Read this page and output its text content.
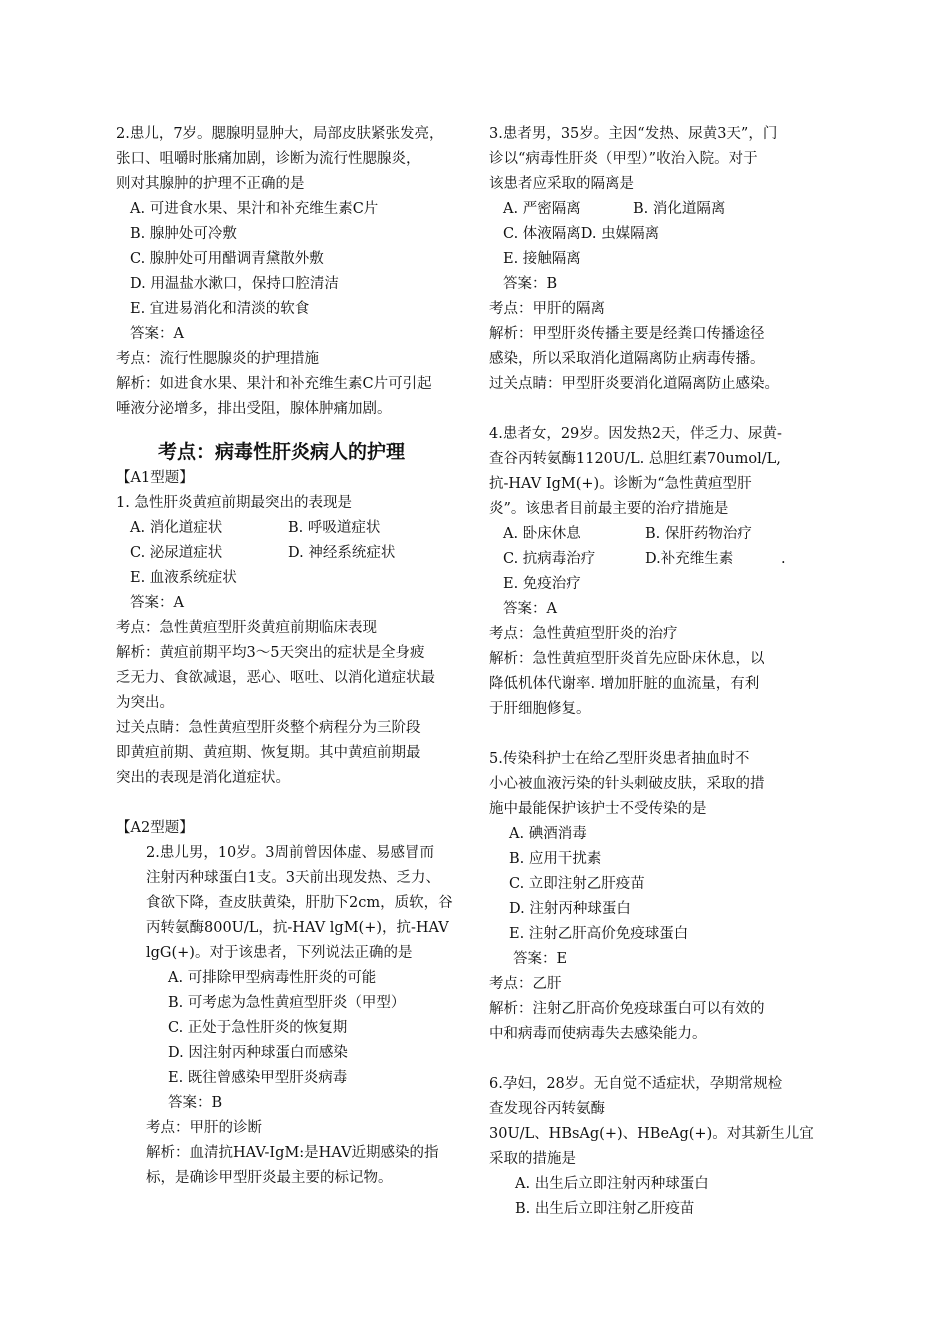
2.患儿，7岁。腮腺明显肿大，局部皮肤紧张发亮，
张口、咀嚼时胀痛加剧，诊断为流行性腮腺炎，
则对其腺肿的护理不正确的是
A. 可进食水果、果汁和补充维生素C片
B. 腺肿处可冷敷
C. 腺肿处可用醋调青黛散外敷
D. 用温盐水漱口，保持口腔清洁
E. 宜进易消化和清淡的软食
答案：A
考点：流行性腮腺炎的护理措施
解析：如进食水果、果汁和补充维生素C片可引起
唾液分泌增多，排出受阻，腺体肿痛加剧。
考点：病毒性肝炎病人的护理
【A1型题】
1. 急性肝炎黄疸前期最突出的表现是
A. 消化道症状	B. 呼吸道症状
C. 泌尿道症状	D. 神经系统症状
E. 血液系统症状
答案：A
考点：急性黄疸型肝炎黄疸前期临床表现
解析：黄疸前期平均3～5天突出的症状是全身疲
乏无力、食欲减退，恶心、呕吐、以消化道症状最
为突出。
过关点睛：急性黄疸型肝炎整个病程分为三阶段
即黄疸前期、黄疸期、恢复期。其中黄疸前期最
突出的表现是消化道症状。
【A2型题】
2.患儿男，10岁。3周前曾因体虚、易感冒而
注射丙种球蛋白1支。3天前出现发热、乏力、
食欲下降，查皮肤黄染，肝肋下2cm，质软，谷
丙转氨酶800U/L，抗-HAV lgM(+)，抗-HAV
lgG(+)。对于该患者，下列说法正确的是
A. 可排除甲型病毒性肝炎的可能
B. 可考虑为急性黄疸型肝炎（甲型）
C. 正处于急性肝炎的恢复期
D. 因注射丙种球蛋白而感染
E. 既往曾感染甲型肝炎病毒
答案：B
考点：甲肝的诊断
解析：血清抗HAV-IgM:是HAV近期感染的指
标，是确诊甲型肝炎最主要的标记物。
3.患者男，35岁。主因“发热、尿黄3天”，门
诊以“病毒性肝炎（甲型）”收治入院。对于
该患者应采取的隔离是
A. 严密隔离	B. 消化道隔离
C. 体液隔离D. 虫媒隔离
E. 接触隔离
答案：B
考点：甲肝的隔离
解析：甲型肝炎传播主要是经粪口传播途径
感染，所以采取消化道隔离防止病毒传播。
过关点睛：甲型肝炎要消化道隔离防止感染。
4.患者女，29岁。因发热2天，伴乏力、尿黄-
查谷丙转氨酶1120U/L. 总胆红素70umol/L,
抗-HAV IgM(+)。诊断为“急性黄疸型肝
炎”。该患者目前最主要的治疗措施是
A. 卧床休息	B. 保肝药物治疗
C. 抗病毒治疗	D.补充维生素	.
E. 免疫治疗
答案：A
考点：急性黄疸型肝炎的治疗
解析：急性黄疸型肝炎首先应卧床休息，以
降低机体代谢率. 增加肝脏的血流量，有利
于肝细胞修复。
5.传染科护士在给乙型肝炎患者抽血时不
小心被血液污染的针头刺破皮肤，采取的措
施中最能保护该护士不受传染的是
A. 碘酒消毒
B. 应用干扰素
C. 立即注射乙肝疫苗
D. 注射丙种球蛋白
E. 注射乙肝高价免疫球蛋白
答案：E
考点：乙肝
解析：注射乙肝高价免疫球蛋白可以有效的
中和病毒而使病毒失去感染能力。
6.孕妇，28岁。无自觉不适症状，孕期常规检
查发现谷丙转氨酶
30U/L、HBsAg(+)、HBeAg(+)。对其新生儿宜
采取的措施是
A. 出生后立即注射丙种球蛋白
B. 出生后立即注射乙肝疫苗
